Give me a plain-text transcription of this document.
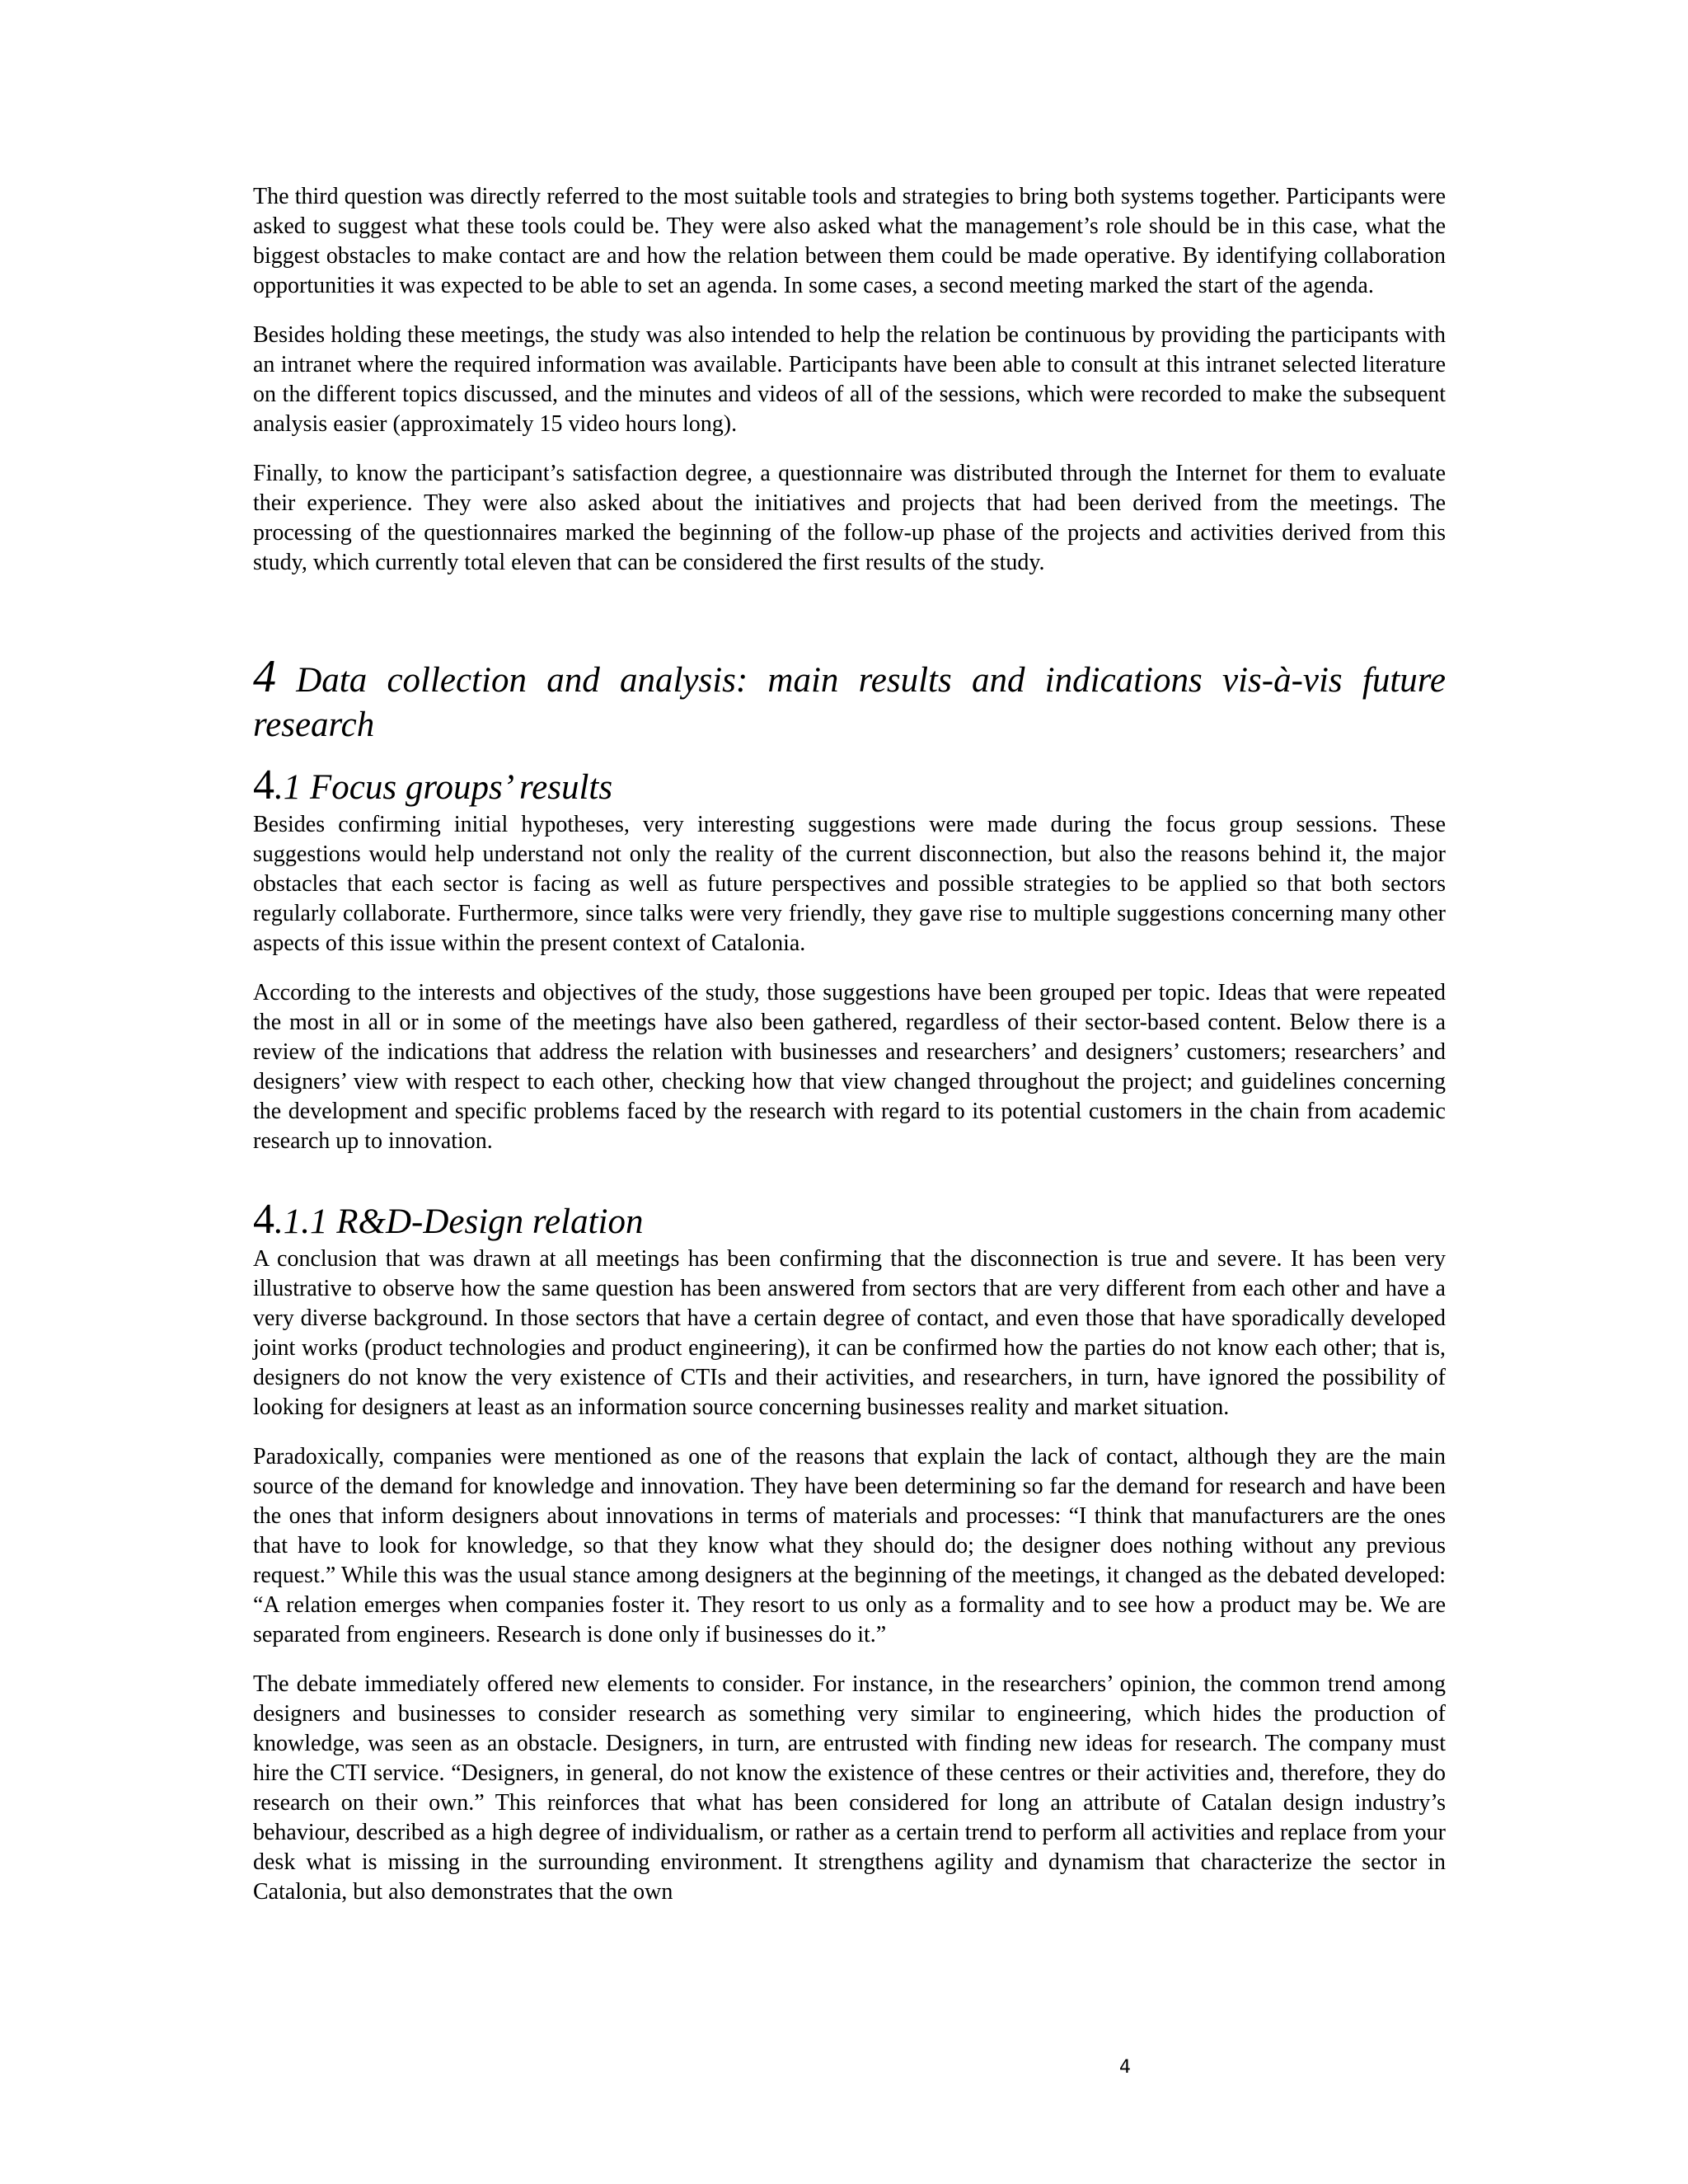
The third question was directly referred to the most suitable tools and strategies to bring both systems together. Participants were asked to suggest what these tools could be. They were also asked what the management’s role should be in this case, what the biggest obstacles to make contact are and how the relation between them could be made operative. By identifying collaboration opportunities it was expected to be able to set an agenda. In some cases, a second meeting marked the start of the agenda.

Besides holding these meetings, the study was also intended to help the relation be continuous by providing the participants with an intranet where the required information was available. Participants have been able to consult at this intranet selected literature on the different topics discussed, and the minutes and videos of all of the sessions, which were recorded to make the subsequent analysis easier (approximately 15 video hours long).

Finally, to know the participant’s satisfaction degree, a questionnaire was distributed through the Internet for them to evaluate their experience. They were also asked about the initiatives and projects that had been derived from the meetings. The processing of the questionnaires marked the beginning of the follow-up phase of the projects and activities derived from this study, which currently total eleven that can be considered the first results of the study.

4 Data collection and analysis: main results and indications vis-à-vis future research
4.1 Focus groups’ results

Besides confirming initial hypotheses, very interesting suggestions were made during the focus group sessions. These suggestions would help understand not only the reality of the current disconnection, but also the reasons behind it, the major obstacles that each sector is facing as well as future perspectives and possible strategies to be applied so that both sectors regularly collaborate. Furthermore, since talks were very friendly, they gave rise to multiple suggestions concerning many other aspects of this issue within the present context of Catalonia.

According to the interests and objectives of the study, those suggestions have been grouped per topic. Ideas that were repeated the most in all or in some of the meetings have also been gathered, regardless of their sector-based content. Below there is a review of the indications that address the relation with businesses and researchers’ and designers’ customers; researchers’ and designers’ view with respect to each other, checking how that view changed throughout the project; and guidelines concerning the development and specific problems faced by the research with regard to its potential customers in the chain from academic research up to innovation.

4.1.1 R&D-Design relation

A conclusion that was drawn at all meetings has been confirming that the disconnection is true and severe. It has been very illustrative to observe how the same question has been answered from sectors that are very different from each other and have a very diverse background. In those sectors that have a certain degree of contact, and even those that have sporadically developed joint works (product technologies and product engineering), it can be confirmed how the parties do not know each other; that is, designers do not know the very existence of CTIs and their activities, and researchers, in turn, have ignored the possibility of looking for designers at least as an information source concerning businesses reality and market situation.

Paradoxically, companies were mentioned as one of the reasons that explain the lack of contact, although they are the main source of the demand for knowledge and innovation. They have been determining so far the demand for research and have been the ones that inform designers about innovations in terms of materials and processes: “I think that manufacturers are the ones that have to look for knowledge, so that they know what they should do; the designer does nothing without any previous request.” While this was the usual stance among designers at the beginning of the meetings, it changed as the debated developed: “A relation emerges when companies foster it. They resort to us only as a formality and to see how a product may be. We are separated from engineers. Research is done only if businesses do it.”

The debate immediately offered new elements to consider. For instance, in the researchers’ opinion, the common trend among designers and businesses to consider research as something very similar to engineering, which hides the production of knowledge, was seen as an obstacle. Designers, in turn, are entrusted with finding new ideas for research. The company must hire the CTI service. “Designers, in general, do not know the existence of these centres or their activities and, therefore, they do research on their own.” This reinforces that what has been considered for long an attribute of Catalan design industry’s behaviour, described as a high degree of individualism, or rather as a certain trend to perform all activities and replace from your desk what is missing in the surrounding environment. It strengthens agility and dynamism that characterize the sector in Catalonia, but also demonstrates that the own

4
